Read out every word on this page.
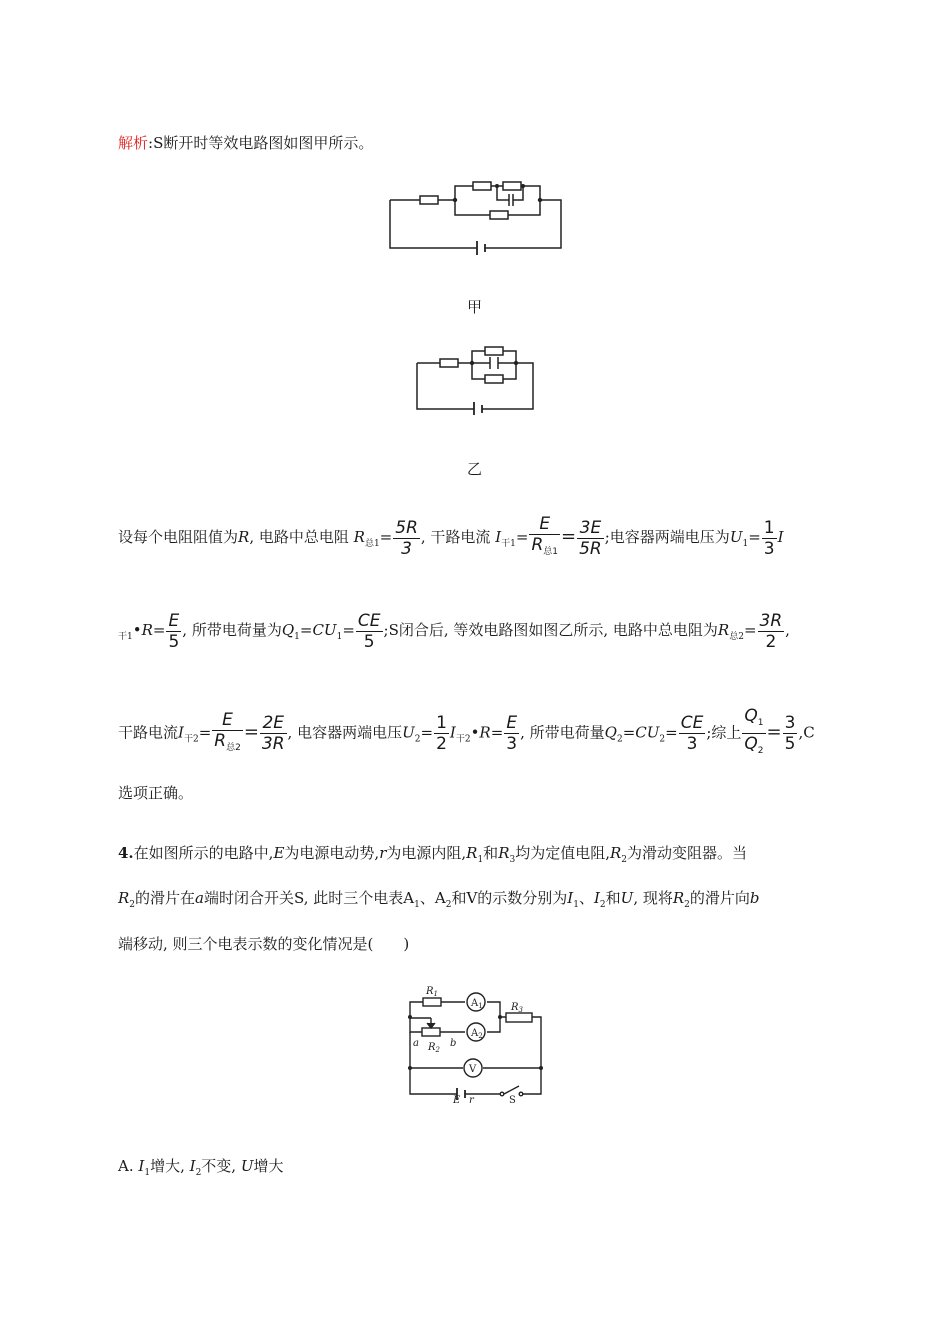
解析:S断开时等效电路图如图甲所示。
甲
乙
设每个电阻阻值为R, 电路中总电阻 $R_{总1}= \frac{5R}{3}$ , 干路电流 $I_{干1}= \frac{E}{R_{总1}} = \frac{3E}{5R}$ ;电容器两端电压为$U_1= \frac{1}{3}$ I
$_{干1}$•R= $\frac{E}{5}$ , 所带电荷量为$Q_1=CU_1= \frac{CE}{5}$ ;S闭合后, 等效电路图如图乙所示, 电路中总电阻为$R_{总2}= \frac{3R}{2}$ ,
干路电流$I_{干2}= \frac{E}{R_{总2}} = \frac{2E}{3R}$ , 电容器两端电压$U_2= \frac{1}{2}$ $I_{干2}•R= \frac{E}{3}$ , 所带电荷量$Q_2=CU_2= \frac{CE}{3}$ ;综上 $\frac{Q_1}{Q_2} = \frac{3}{5} ,C$
选项正确。
4.在如图所示的电路中,E为电源电动势,r为电源内阻$,R_1$和$R_3$均为定值电阻$,R_2$为滑动变阻器。当
$R_2$的滑片在a端时闭合开关S, 此时三个电表$A_1$、$A_2$和V的示数分别为$I_1$、$I_2$和U, 现将$R_2$的滑片向b
端移动, 则三个电表示数的变化情况是(　　)
$R_1$
$A_1$
$A_2$
$R_3$
a $R_2$
b
V
E r	S
A. $I_1$增大, $I_2$不变, U增大
